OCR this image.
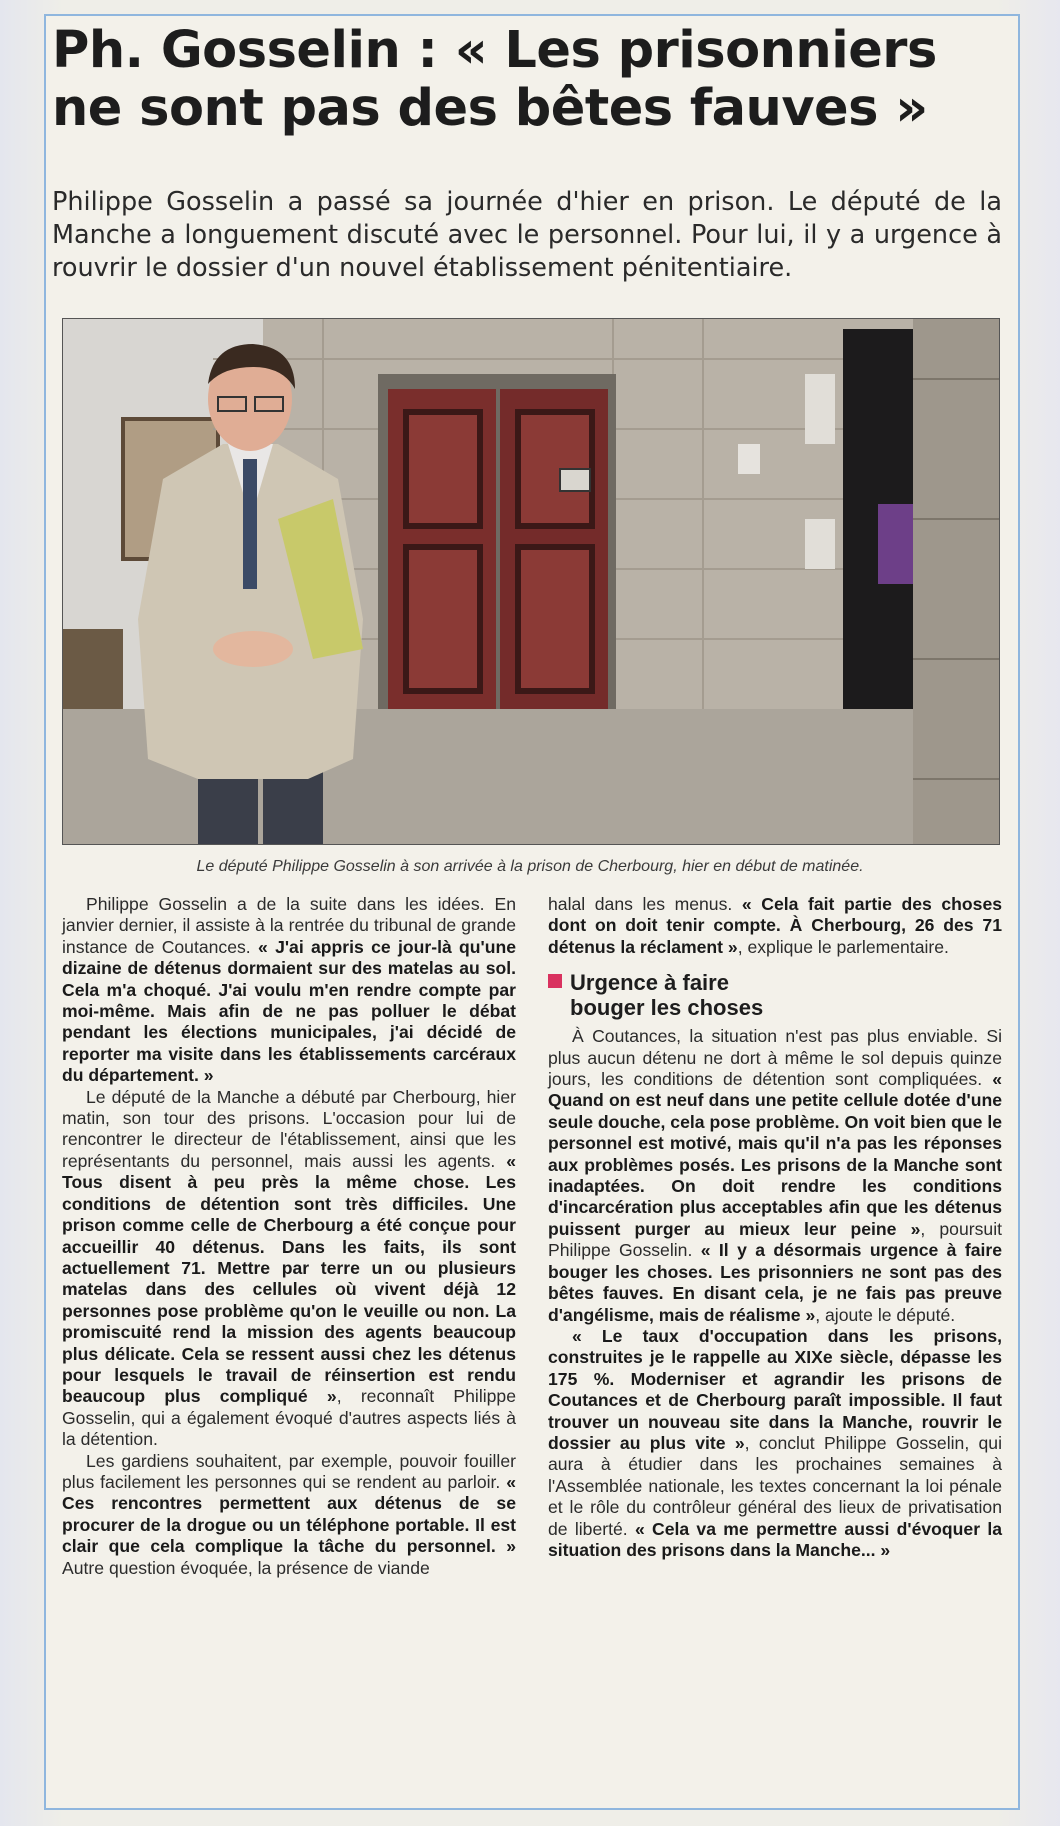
Ph. Gosselin : « Les prisonniers ne sont pas des bêtes fauves »

Philippe Gosselin a passé sa journée d'hier en prison. Le député de la Manche a longuement discuté avec le personnel. Pour lui, il y a urgence à rouvrir le dossier d'un nouvel établissement pénitentiaire.

Le député Philippe Gosselin à son arrivée à la prison de Cherbourg, hier en début de matinée.

Philippe Gosselin a de la suite dans les idées. En janvier dernier, il assiste à la rentrée du tribunal de grande instance de Coutances. « J'ai appris ce jour-là qu'une dizaine de détenus dormaient sur des matelas au sol. Cela m'a choqué. J'ai voulu m'en rendre compte par moi-même. Mais afin de ne pas polluer le débat pendant les élections municipales, j'ai décidé de reporter ma visite dans les établissements carcéraux du département. »

Le député de la Manche a débuté par Cherbourg, hier matin, son tour des prisons. L'occasion pour lui de rencontrer le directeur de l'établissement, ainsi que les représentants du personnel, mais aussi les agents. « Tous disent à peu près la même chose. Les conditions de détention sont très difficiles. Une prison comme celle de Cherbourg a été conçue pour accueillir 40 détenus. Dans les faits, ils sont actuellement 71. Mettre par terre un ou plusieurs matelas dans des cellules où vivent déjà 12 personnes pose problème qu'on le veuille ou non. La promiscuité rend la mission des agents beaucoup plus délicate. Cela se ressent aussi chez les détenus pour lesquels le travail de réinsertion est rendu beaucoup plus compliqué », reconnaît Philippe Gosselin, qui a également évoqué d'autres aspects liés à la détention.

Les gardiens souhaitent, par exemple, pouvoir fouiller plus facilement les personnes qui se rendent au parloir. « Ces rencontres permettent aux détenus de se procurer de la drogue ou un téléphone portable. Il est clair que cela complique la tâche du personnel. » Autre question évoquée, la présence de viande

halal dans les menus. « Cela fait partie des choses dont on doit tenir compte. À Cherbourg, 26 des 71 détenus la réclament », explique le parlementaire.

Urgence à faire
bouger les choses

À Coutances, la situation n'est pas plus enviable. Si plus aucun détenu ne dort à même le sol depuis quinze jours, les conditions de détention sont compliquées. « Quand on est neuf dans une petite cellule dotée d'une seule douche, cela pose problème. On voit bien que le personnel est motivé, mais qu'il n'a pas les réponses aux problèmes posés. Les prisons de la Manche sont inadaptées. On doit rendre les conditions d'incarcération plus acceptables afin que les détenus puissent purger au mieux leur peine », poursuit Philippe Gosselin. « Il y a désormais urgence à faire bouger les choses. Les prisonniers ne sont pas des bêtes fauves. En disant cela, je ne fais pas preuve d'angélisme, mais de réalisme », ajoute le député.

« Le taux d'occupation dans les prisons, construites je le rappelle au XIXe siècle, dépasse les 175 %. Moderniser et agrandir les prisons de Coutances et de Cherbourg paraît impossible. Il faut trouver un nouveau site dans la Manche, rouvrir le dossier au plus vite », conclut Philippe Gosselin, qui aura à étudier dans les prochaines semaines à l'Assemblée nationale, les textes concernant la loi pénale et le rôle du contrôleur général des lieux de privatisation de liberté. « Cela va me permettre aussi d'évoquer la situation des prisons dans la Manche... »
